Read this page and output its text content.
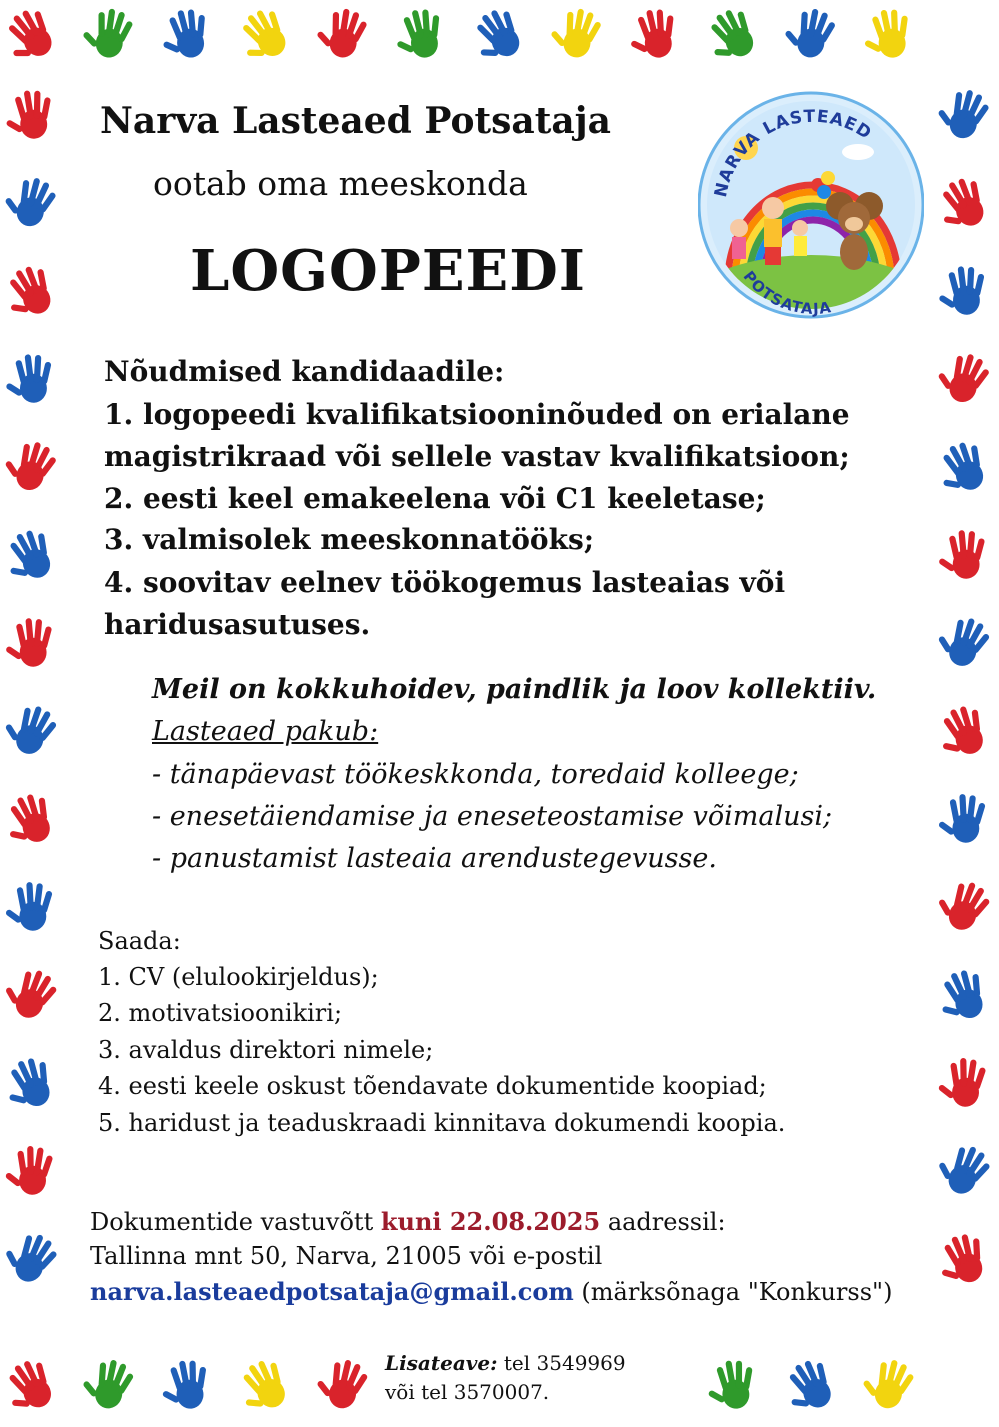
NARVA LASTEAED
POTSATAJA
Narva Lasteaed Potsataja
ootab oma meeskonda
LOGOPEEDI
Nõudmised kandidaadile:
1. logopeedi kvalifikatsiooninõuded on erialane
magistrikraad või sellele vastav kvalifikatsioon;
2. eesti keel emakeelena või C1 keeletase;
3. valmisolek meeskonnatööks;
4. soovitav eelnev töökogemus lasteaias või
haridusasutuses.
Meil on kokkuhoidev, paindlik ja loov kollektiiv.
Lasteaed pakub:
- tänapäevast töökeskkonda, toredaid kolleege;
- enesetäiendamise ja eneseteostamise võimalusi;
- panustamist lasteaia arendustegevusse.
Saada:
1. CV (elulookirjeldus);
2. motivatsioonikiri;
3. avaldus direktori nimele;
4. eesti keele oskust tõendavate dokumentide koopiad;
5. haridust ja teaduskraadi kinnitava dokumendi koopia.
Dokumentide vastuvõtt kuni 22.08.2025 aadressil:
Tallinna mnt 50, Narva, 21005 või e-postil
narva.lasteaedpotsataja@gmail.com (märksõnaga "Konkurss")
Lisateave: tel 3549969
või tel 3570007.
